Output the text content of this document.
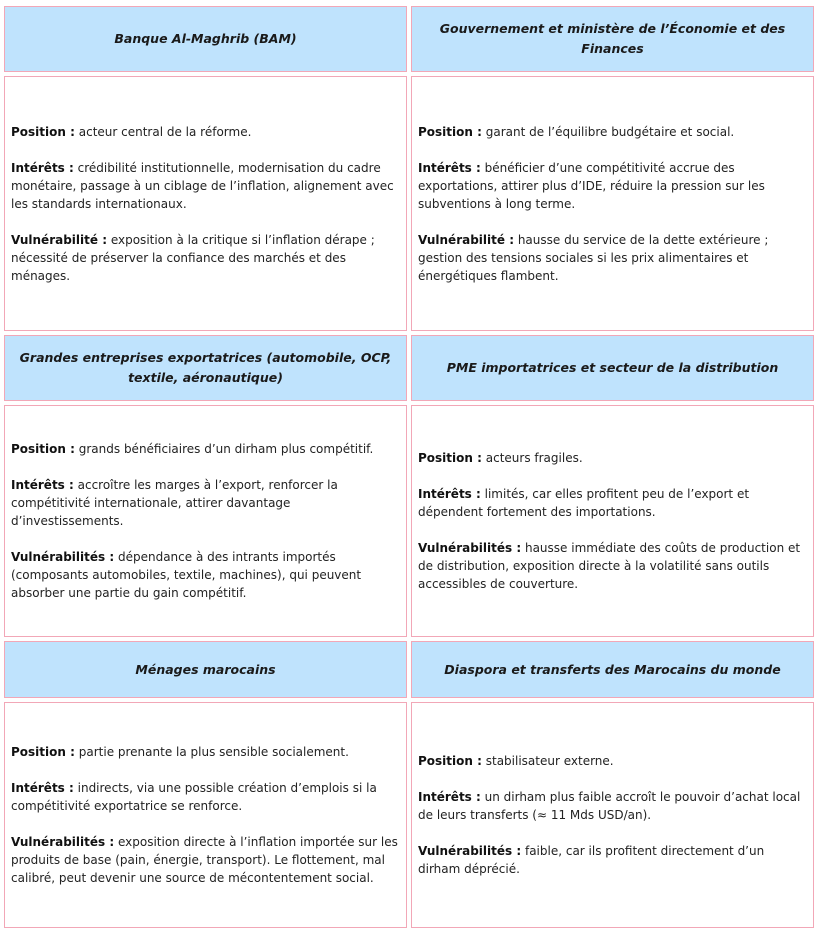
Banque Al-Maghrib (BAM)
Gouvernement et ministère de l’Économie et des Finances

Position : acteur central de la réforme.

Intérêts : crédibilité institutionnelle, modernisation du cadre monétaire, passage à un ciblage de l’inflation, alignement avec les standards internationaux.

Vulnérabilité : exposition à la critique si l’inflation dérape ; nécessité de préserver la confiance des marchés et des ménages.

Position : garant de l’équilibre budgétaire et social.

Intérêts : bénéficier d’une compétitivité accrue des exportations, attirer plus d’IDE, réduire la pression sur les subventions à long terme.

Vulnérabilité : hausse du service de la dette extérieure ; gestion des tensions sociales si les prix alimentaires et énergétiques flambent.

Grandes entreprises exportatrices (automobile, OCP, textile, aéronautique)
PME importatrices et secteur de la distribution

Position : grands bénéficiaires d’un dirham plus compétitif.

Intérêts : accroître les marges à l’export, renforcer la compétitivité internationale, attirer davantage d’investissements.

Vulnérabilités : dépendance à des intrants importés (composants automobiles, textile, machines), qui peuvent absorber une partie du gain compétitif.

Position : acteurs fragiles.

Intérêts : limités, car elles profitent peu de l’export et dépendent fortement des importations.

Vulnérabilités : hausse immédiate des coûts de production et de distribution, exposition directe à la volatilité sans outils accessibles de couverture.

Ménages marocains	Diaspora et transferts des Marocains du monde

Position : partie prenante la plus sensible socialement.

Intérêts : indirects, via une possible création d’emplois si la compétitivité exportatrice se renforce.

Vulnérabilités : exposition directe à l’inflation importée sur les produits de base (pain, énergie, transport). Le flottement, mal calibré, peut devenir une source de mécontentement social.

Position : stabilisateur externe.

Intérêts : un dirham plus faible accroît le pouvoir d’achat local de leurs transferts (≈ 11 Mds USD/an).

Vulnérabilités : faible, car ils profitent directement d’un dirham déprécié.
